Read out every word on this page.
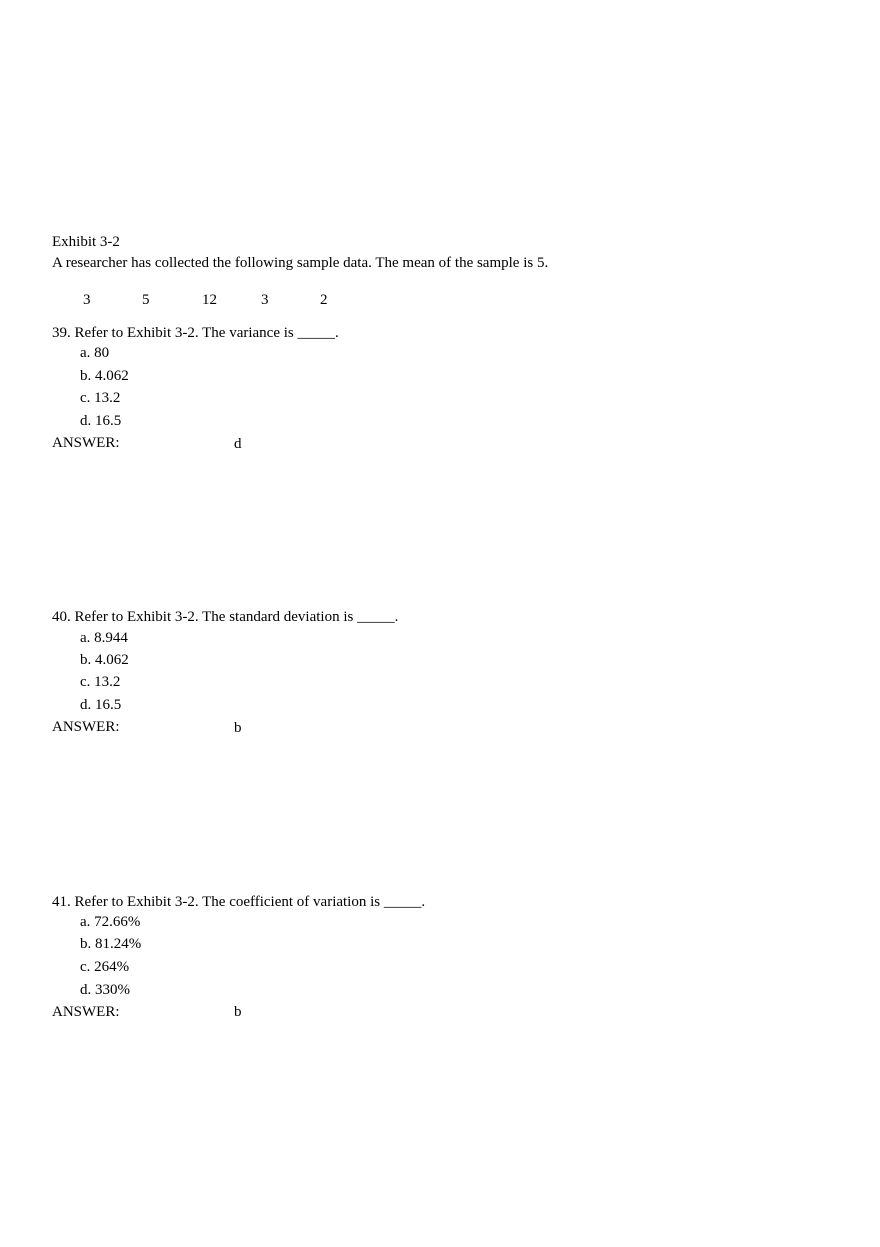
Exhibit 3-2
A researcher has collected the following sample data. The mean of the sample is 5.
3	5	12	3	2
39. Refer to Exhibit 3-2. The variance is _____.
a. 80
b. 4.062
c. 13.2
d. 16.5
ANSWER:	d
40. Refer to Exhibit 3-2. The standard deviation is _____.
a. 8.944
b. 4.062
c. 13.2
d. 16.5
ANSWER:	b
41. Refer to Exhibit 3-2. The coefficient of variation is _____.
a. 72.66%
b. 81.24%
c. 264%
d. 330%
ANSWER:	b
